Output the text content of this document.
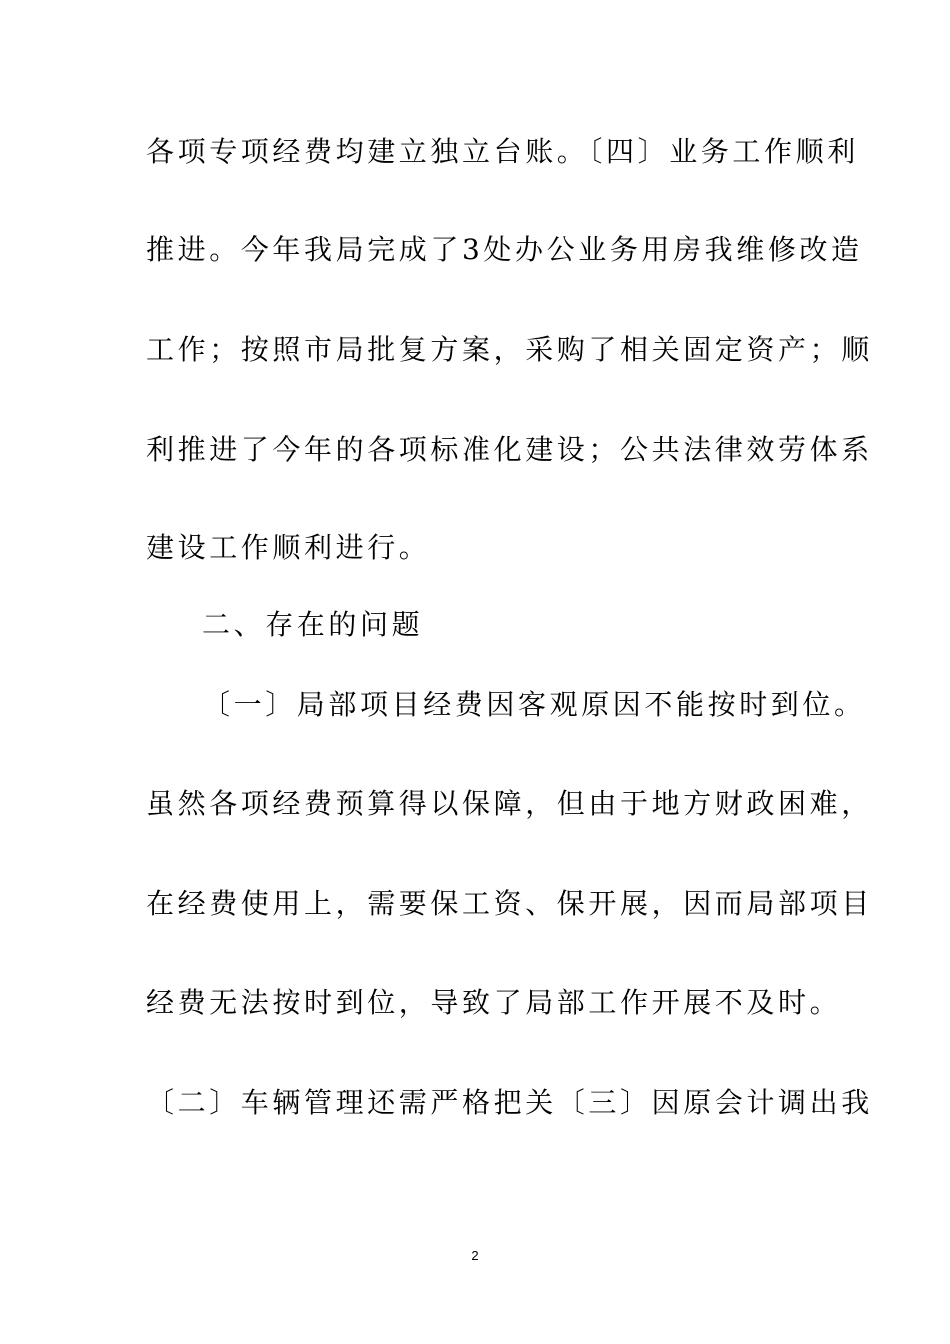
各项专项经费均建立独立台账。〔四〕业务工作顺利
推进。今年我局完成了3处办公业务用房我维修改造
工作；按照市局批复方案，采购了相关固定资产；顺
利推进了今年的各项标准化建设；公共法律效劳体系
建设工作顺利进行。
二、存在的问题
〔一〕局部项目经费因客观原因不能按时到位。
虽然各项经费预算得以保障，但由于地方财政困难，
在经费使用上，需要保工资、保开展，因而局部项目
经费无法按时到位，导致了局部工作开展不及时。
〔二〕车辆管理还需严格把关〔三〕因原会计调出我
2
